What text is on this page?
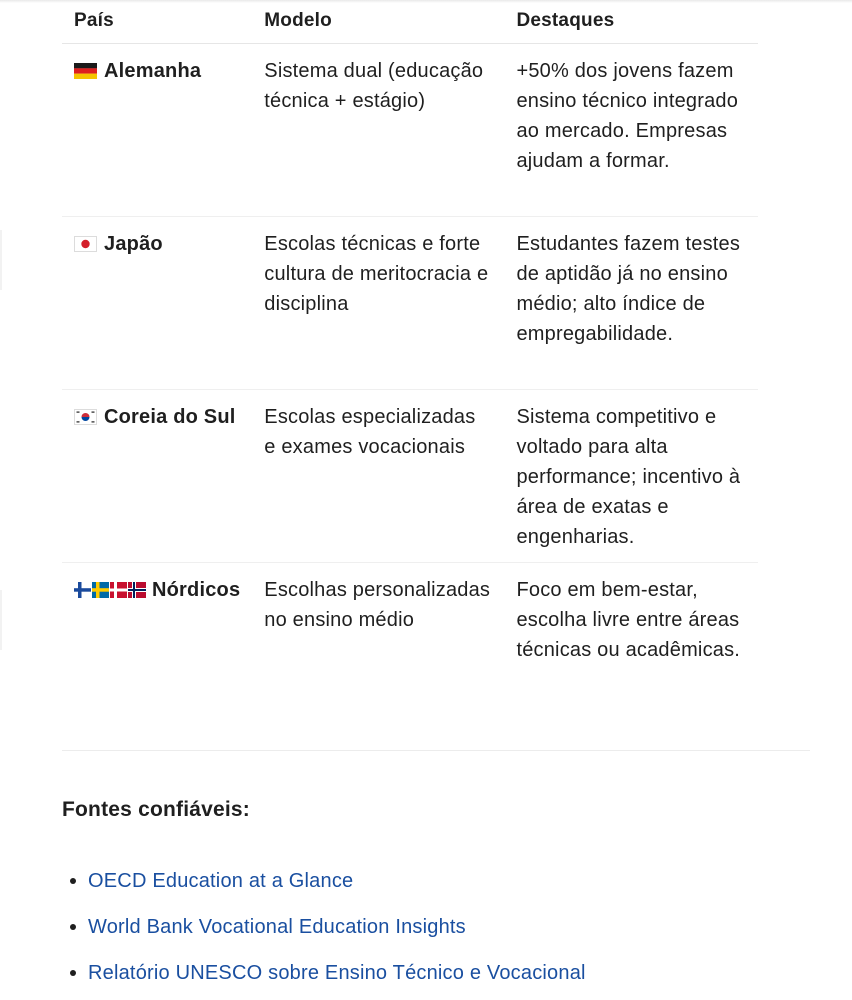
País	Modelo	Destaques
Alemanha	Sistema dual (educação técnica + estágio)	+50% dos jovens fazem ensino técnico integrado ao mercado. Empresas ajudam a formar.
Japão	Escolas técnicas e forte cultura de meritocracia e disciplina	Estudantes fazem testes de aptidão já no ensino médio; alto índice de empregabilidade.
Coreia do Sul	Escolas especializadas e exames vocacionais	Sistema competitivo e voltado para alta performance; incentivo à área de exatas e engenharias.
Nórdicos	Escolhas personalizadas no ensino médio	Foco em bem-estar, escolha livre entre áreas técnicas ou acadêmicas.
Fontes confiáveis:
OECD Education at a Glance
World Bank Vocational Education Insights
Relatório UNESCO sobre Ensino Técnico e Vocacional
